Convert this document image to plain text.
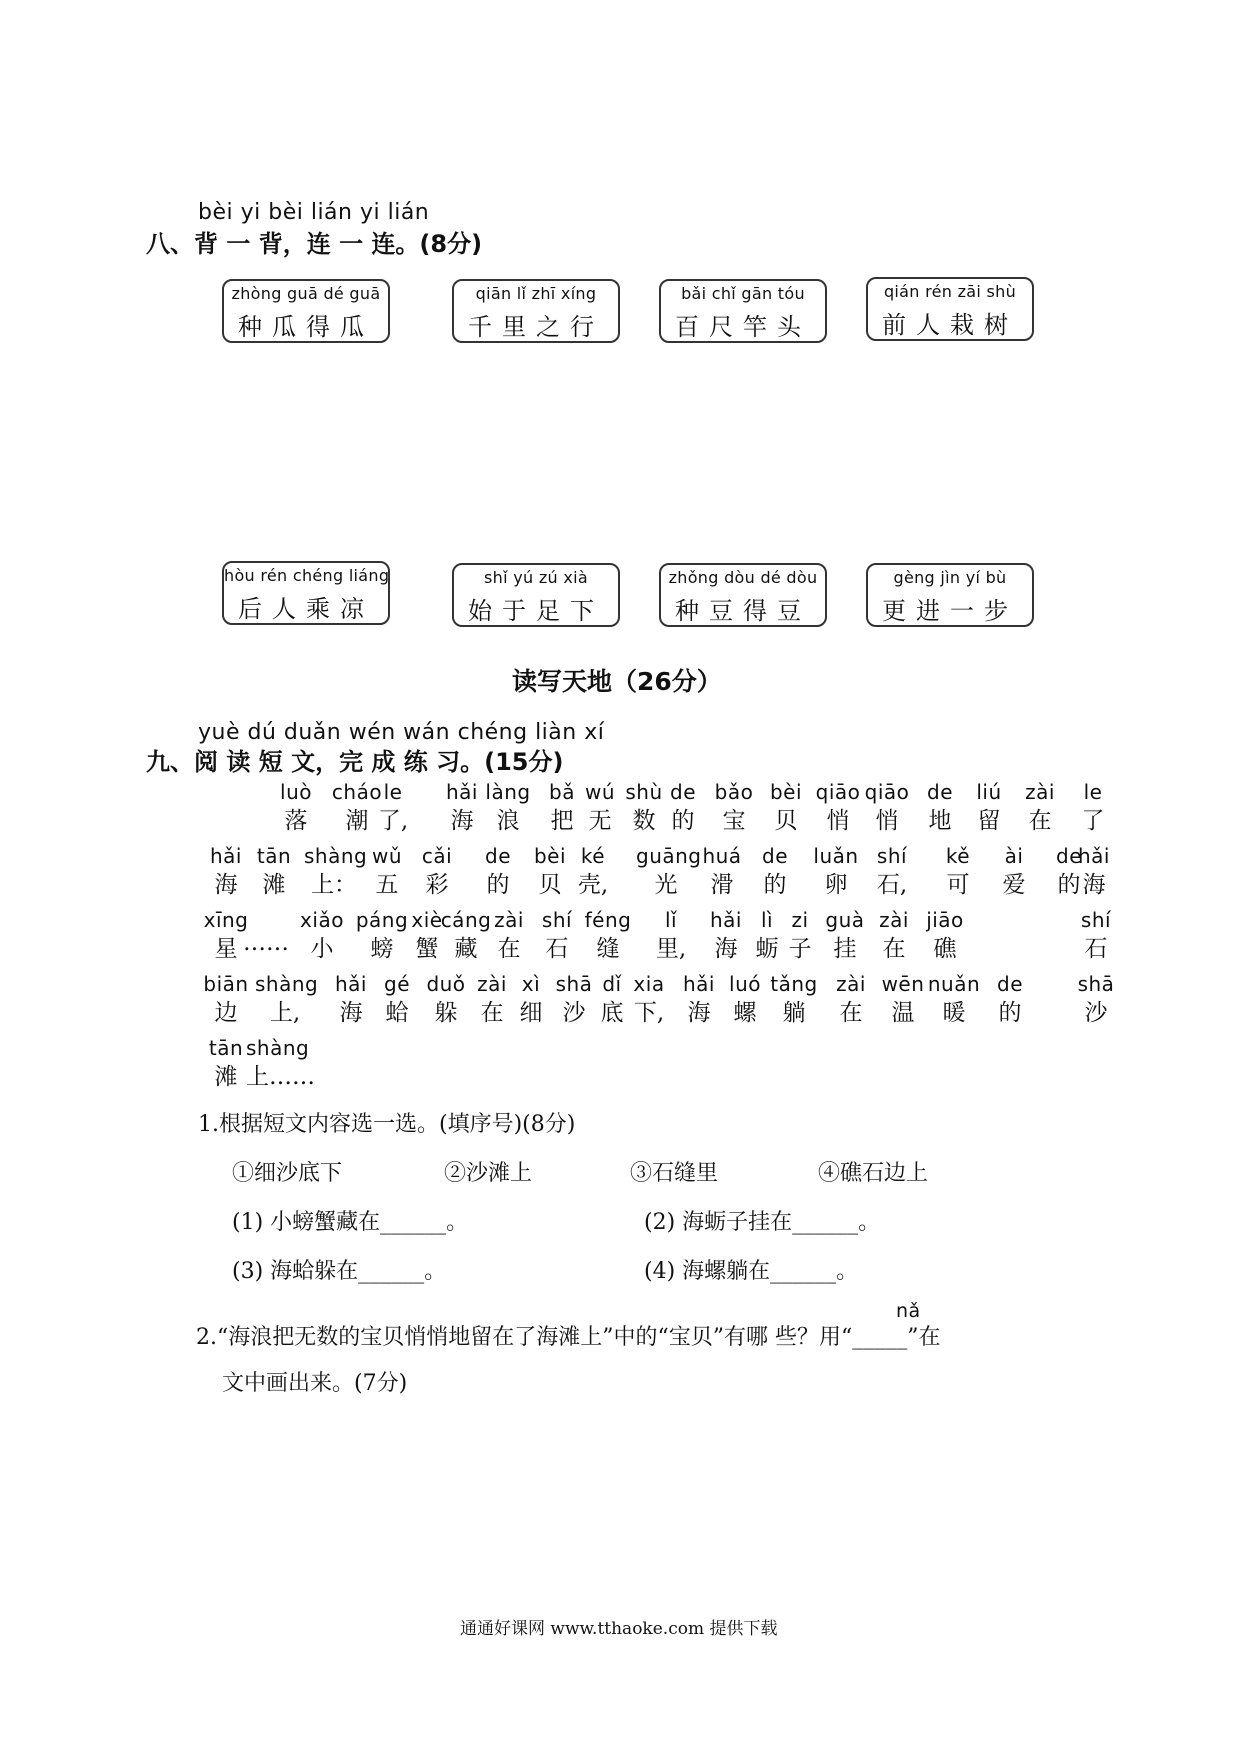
bèi yi bèi lián yi lián
八、背 一 背，连 一 连。(8分)
zhòng guā dé guā
种瓜得瓜
qiān lǐ zhī xíng
千里之行
bǎi chǐ gān tóu
百尺竿头
qián rén zāi shù
前人栽树
hòu rén chéng liáng
后人乘凉
shǐ yú zú xià
始于足下
zhǒng dòu dé dòu
种豆得豆
gèng jìn yí bù
更进一步
读写天地（26分）
yuè dú duǎn wén wán chéng liàn xí
九、阅 读 短 文，完 成 练 习。(15分)
luò
落
cháo
潮
le
了,
hǎi
海
làng
浪
bǎ
把
wú
无
shù
数
de
的
bǎo
宝
bèi
贝
qiāo
悄
qiāo
悄
de
地
liú
留
zài
在
le
了
hǎi
海
tān
滩
shàng
上：
wǔ
五
cǎi
彩
de
的
bèi
贝
ké
壳,
guāng
光
huá
滑
de
的
luǎn
卵
shí
石,
kě
可
ài
爱
de
的
hǎi
海
xīng
星 ……
xiǎo
小
páng
螃
xiè
蟹
cáng
藏
zài
在
shí
石
féng
缝
lǐ
里,
hǎi
海
lì
蛎
zi
子
guà
挂
zài
在
jiāo
礁
shí
石
biān
边
shàng
上,
hǎi
海
gé
蛤
duǒ
躲
zài
在
xì
细
shā
沙
dǐ
底
xia
下,
hǎi
海
luó
螺
tǎng
躺
zài
在
wēn
温
nuǎn
暖
de
的
shā
沙
tān
滩
shàng
上……
1.根据短文内容选一选。(填序号)(8分)
①细沙底下	②沙滩上	③石缝里	④礁石边上
(1) 小螃蟹藏在______。	(2) 海蛎子挂在______。
(3) 海蛤躲在______。	(4) 海螺躺在______。
nǎ
2.“海浪把无数的宝贝悄悄地留在了海滩上”中的“宝贝”有哪 些？用“_____”在
文中画出来。(7分)
通通好课网 www.tthaoke.com 提供下载
